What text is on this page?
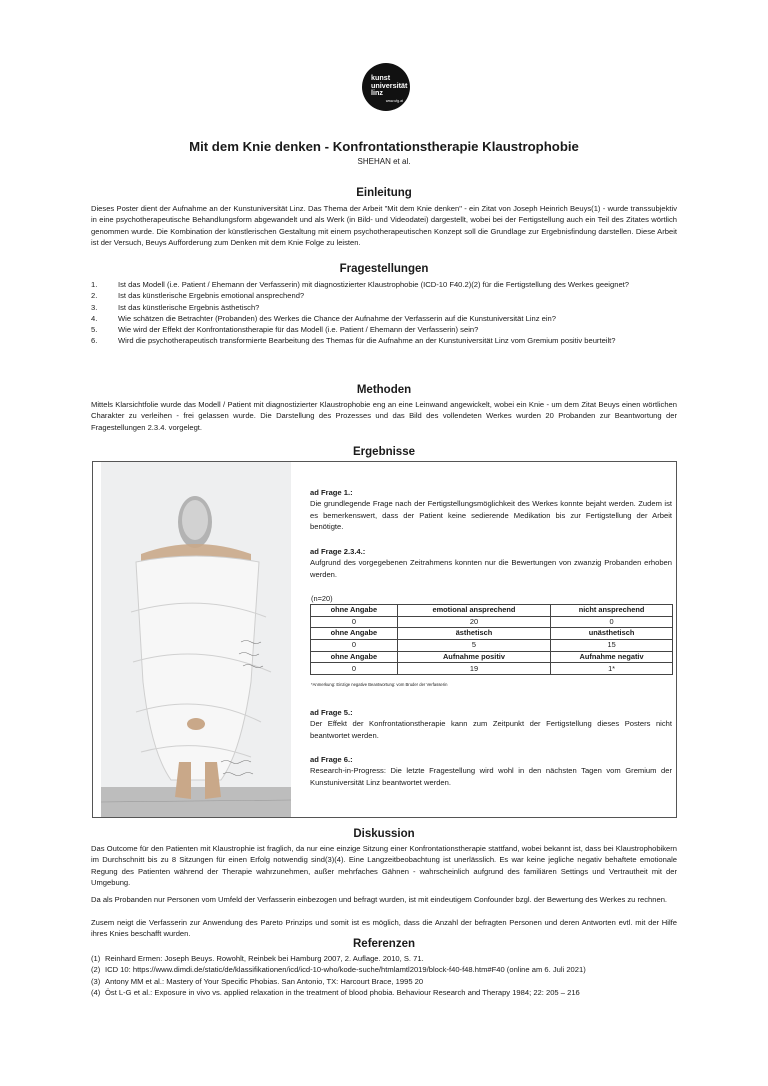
kunst
universität
linz
www.ufg.at
Mit dem Knie denken - Konfrontationstherapie Klaustrophobie
SHEHAN et al.
Einleitung

Dieses Poster dient der Aufnahme an der Kunstuniversität Linz. Das Thema der Arbeit "Mit dem Knie denken" - ein Zitat von Joseph Heinrich Beuys(1) - wurde transsubjektiv in eine psychotherapeutische Behandlungsform abgewandelt und als Werk (in Bild- und Videodatei) dargestellt, wobei bei der Fertigstellung auch ein Teil des Zitates wörtlich genommen wurde. Die Kombination der künstlerischen Gestaltung mit einem psychotherapeutischen Konzept soll die Grundlage zur Ergebnisfindung darstellen. Diese Arbeit ist der Versuch, Beuys Aufforderung zum Denken mit dem Knie Folge zu leisten.

Fragestellungen
1.	Ist das Modell (i.e. Patient / Ehemann der Verfasserin) mit diagnostizierter Klaustrophobie (ICD-10 F40.2)(2) für die Fertigstellung des Werkes geeignet?
2.	Ist das künstlerische Ergebnis emotional ansprechend?
3.	Ist das künstlerische Ergebnis ästhetisch?
4.	Wie schätzen die Betrachter (Probanden) des Werkes die Chance der Aufnahme der Verfasserin auf die Kunstuniversität Linz ein?
5.	Wie wird der Effekt der Konfrontationstherapie für das Modell (i.e. Patient / Ehemann der Verfasserin) sein?
6.	Wird die psychotherapeutisch transformierte Bearbeitung des Themas für die Aufnahme an der Kunstuniversität Linz vom Gremium positiv beurteilt?
Methoden

Mittels Klarsichtfolie wurde das Modell / Patient mit diagnostizierter Klaustrophobie eng an eine Leinwand angewickelt, wobei ein Knie - um dem Zitat Beuys einen wörtlichen Charakter zu verleihen - frei gelassen wurde. Die Darstellung des Prozesses und das Bild des vollendeten Werkes wurden 20 Probanden zur Beantwortung der Fragestellungen 2.3.4. vorgelegt.

Ergebnisse
ad Frage 1.:
Die grundlegende Frage nach der Fertigstellungsmöglichkeit des Werkes konnte bejaht werden. Zudem ist es bemerkenswert, dass der Patient keine sedierende Medikation bis zur Fertigstellung der Arbeit benötigte.
ad Frage 2.3.4.:
Aufgrund des vorgegebenen Zeitrahmens konnten nur die Bewertungen von zwanzig Probanden erhoben werden.
(n=20)
ohne Angabe	emotional ansprechend	nicht ansprechend
0	20	0
ohne Angabe	ästhetisch	unästhetisch
0	5	15
ohne Angabe	Aufnahme positiv	Aufnahme negativ
0	19	1*
*Anmerkung: Einzige negative Beantwortung: vom Bruder der Verfasserin
ad Frage 5.:
Der Effekt der Konfrontationstherapie kann zum Zeitpunkt der Fertigstellung dieses Posters nicht beantwortet werden.
ad Frage 6.:
Research-in-Progress: Die letzte Fragestellung wird wohl in den nächsten Tagen vom Gremium der Kunstuniversität Linz beantwortet werden.
Diskussion

Das Outcome für den Patienten mit Klaustrophie ist fraglich, da nur eine einzige Sitzung einer Konfrontationstherapie stattfand, wobei bekannt ist, dass bei Klaustrophobikern im Durchschnitt bis zu 8 Sitzungen für einen Erfolg notwendig sind(3)(4). Eine Langzeitbeobachtung ist unerlässlich. Es war keine jegliche negativ behaftete emotionale Regung des Patienten während der Therapie wahrzunehmen, außer mehrfaches Gähnen - wahrscheinlich aufgrund des familiären Settings und Vertrautheit mit der Umgebung.

Da als Probanden nur Personen vom Umfeld der Verfasserin einbezogen und befragt wurden, ist mit eindeutigem Confounder bzgl. der Bewertung des Werkes zu rechnen.

Zusem neigt die Verfasserin zur Anwendung des Pareto Prinzips und somit ist es möglich, dass die Anzahl der befragten Personen und deren Antworten evtl. mit der Hilfe ihres Knies beschafft wurden.

Referenzen
(1) Reinhard Ermen: Joseph Beuys. Rowohlt, Reinbek bei Hamburg 2007, 2. Auflage. 2010, S. 71.
(2) ICD 10: https://www.dimdi.de/static/de/klassifikationen/icd/icd-10-who/kode-suche/htmlamtl2019/block-f40-f48.htm#F40 (online am 6. Juli 2021)
(3) Antony MM et al.: Mastery of Your Specific Phobias. San Antonio, TX: Harcourt Brace, 1995 20
(4) Öst L-G et al.: Exposure in vivo vs. applied relaxation in the treatment of blood phobia. Behaviour Research and Therapy 1984; 22: 205 – 216
